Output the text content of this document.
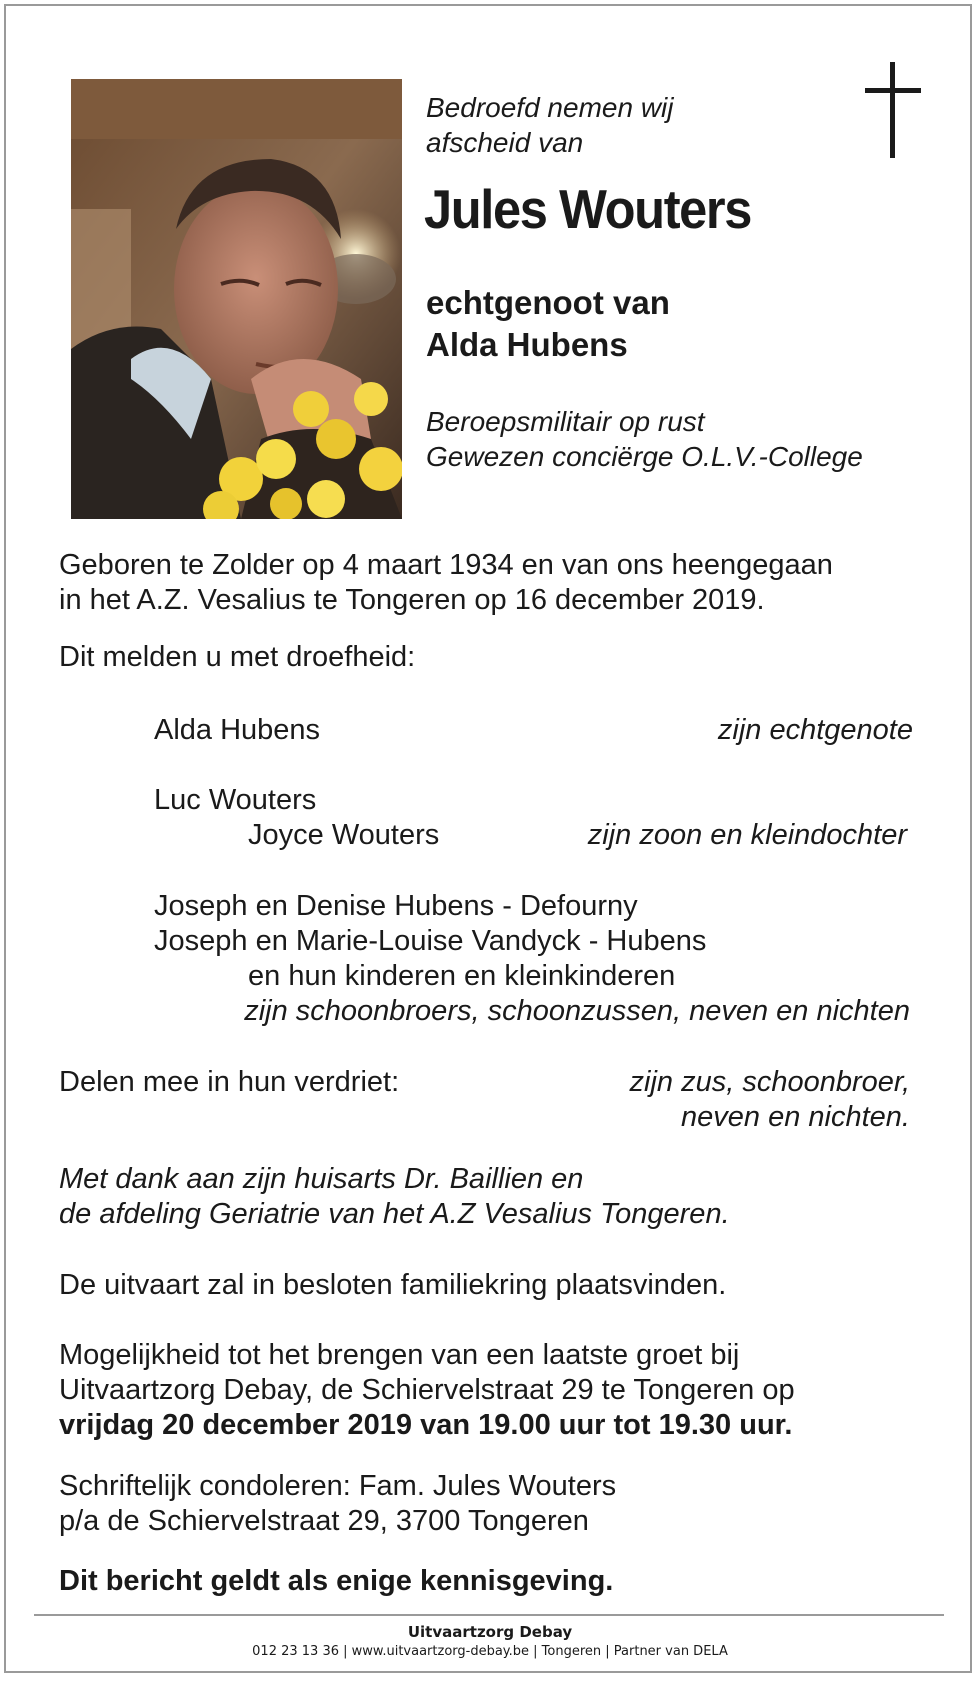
Bedroefd nemen wij
afscheid van
Jules Wouters
echtgenoot van
Alda Hubens
Beroepsmilitair op rust
Gewezen conciërge O.L.V.-College
Geboren te Zolder op 4 maart 1934 en van ons heengegaan
in het A.Z. Vesalius te Tongeren op 16 december 2019.
Dit melden u met droefheid:
Alda Hubens	zijn echtgenote
Luc Wouters
Joyce Wouters	zijn zoon en kleindochter
Joseph en Denise Hubens - Defourny
Joseph en Marie-Louise Vandyck - Hubens
en hun kinderen en kleinkinderen
zijn schoonbroers, schoonzussen, neven en nichten
Delen mee in hun verdriet:	zijn zus, schoonbroer,
neven en nichten.
Met dank aan zijn huisarts Dr. Baillien en
de afdeling Geriatrie van het A.Z Vesalius Tongeren.
De uitvaart zal in besloten familiekring plaatsvinden.
Mogelijkheid tot het brengen van een laatste groet bij
Uitvaartzorg Debay, de Schiervelstraat 29 te Tongeren op
vrijdag 20 december 2019 van 19.00 uur tot 19.30 uur.
Schriftelijk condoleren: Fam. Jules Wouters
p/a de Schiervelstraat 29, 3700 Tongeren
Dit bericht geldt als enige kennisgeving.
Uitvaartzorg Debay
012 23 13 36 | www.uitvaartzorg-debay.be | Tongeren | Partner van DELA
